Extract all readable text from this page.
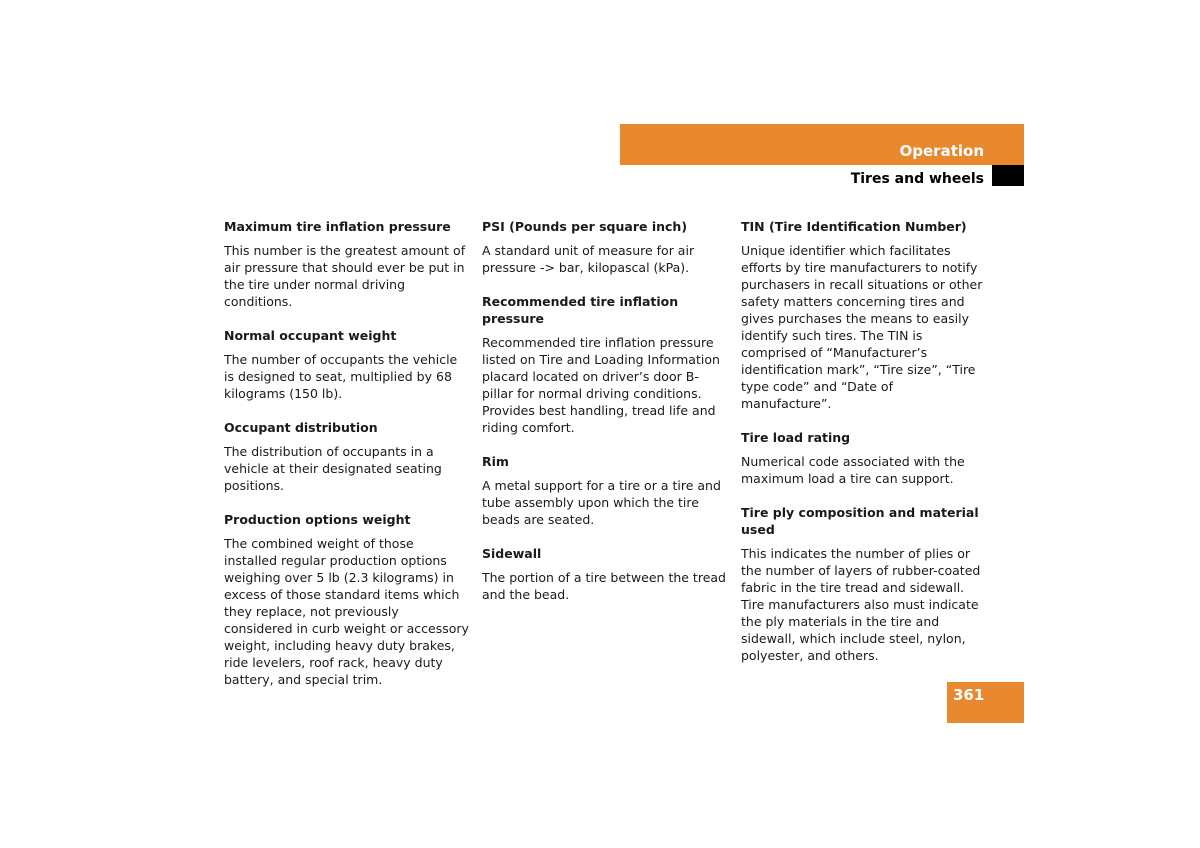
Operation
Tires and wheels

Maximum tire inflation pressure

This number is the greatest amount of air pressure that should ever be put in the tire under normal driving conditions.

Normal occupant weight

The number of occupants the vehicle is designed to seat, multiplied by 68 kilograms (150 lb).

Occupant distribution

The distribution of occupants in a vehicle at their designated seating positions.

Production options weight

The combined weight of those installed regular production options weighing over 5 lb (2.3 kilograms) in excess of those standard items which they replace, not previously considered in curb weight or accessory weight, including heavy duty brakes, ride levelers, roof rack, heavy duty battery, and special trim.

PSI (Pounds per square inch)

A standard unit of measure for air pressure -> bar, kilopascal (kPa).

Recommended tire inflation pressure

Recommended tire inflation pressure listed on Tire and Loading Information placard located on driver’s door B-pillar for normal driving conditions. Provides best handling, tread life and riding comfort.

Rim

A metal support for a tire or a tire and tube assembly upon which the tire beads are seated.

Sidewall

The portion of a tire between the tread and the bead.

TIN (Tire Identification Number)

Unique identifier which facilitates efforts by tire manufacturers to notify purchasers in recall situations or other safety matters concerning tires and gives purchases the means to easily identify such tires. The TIN is comprised of “Manufacturer’s identification mark”, “Tire size”, “Tire type code” and “Date of manufacture”.

Tire load rating

Numerical code associated with the maximum load a tire can support.

Tire ply composition and material used

This indicates the number of plies or the number of layers of rubber-coated fabric in the tire tread and sidewall. Tire manufacturers also must indicate the ply materials in the tire and sidewall, which include steel, nylon, polyester, and others.

361
